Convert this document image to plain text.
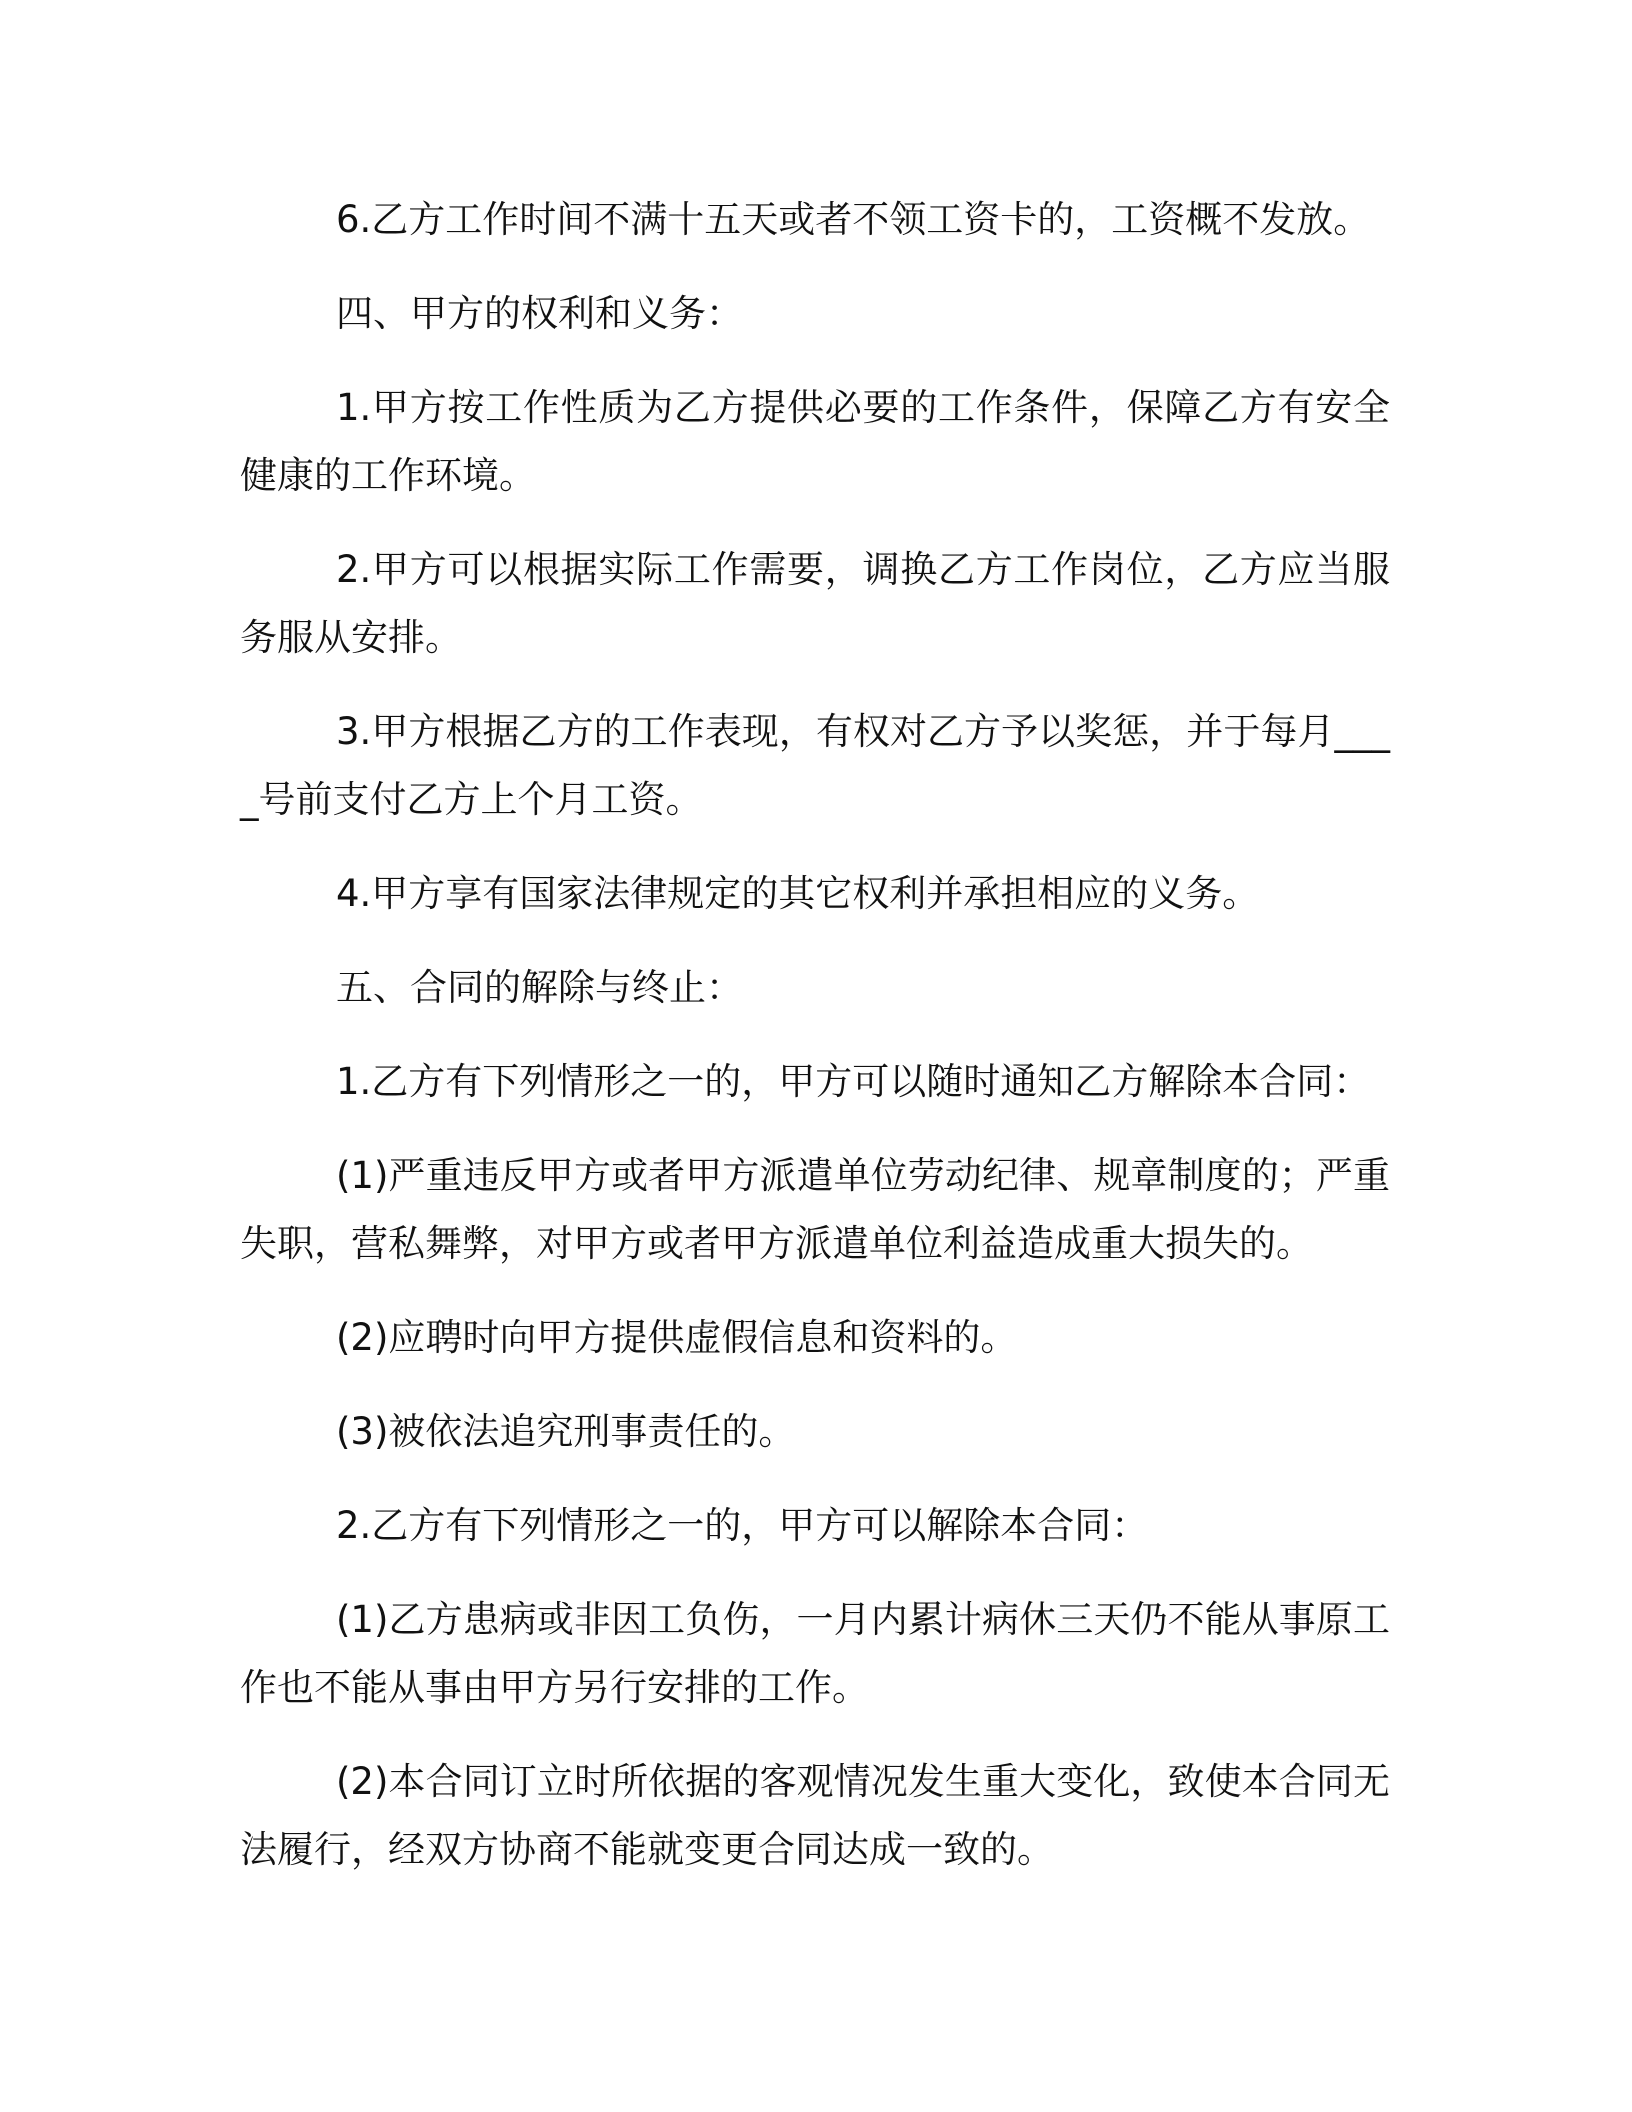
6.乙方工作时间不满十五天或者不领工资卡的，工资概不发放。

四、甲方的权利和义务：

1.甲方按工作性质为乙方提供必要的工作条件，保障乙方有安全健康的工作环境。

2.甲方可以根据实际工作需要，调换乙方工作岗位，乙方应当服务服从安排。

3.甲方根据乙方的工作表现，有权对乙方予以奖惩，并于每月____号前支付乙方上个月工资。

4.甲方享有国家法律规定的其它权利并承担相应的义务。

五、合同的解除与终止：

1.乙方有下列情形之一的，甲方可以随时通知乙方解除本合同：

(1)严重违反甲方或者甲方派遣单位劳动纪律、规章制度的；严重失职，营私舞弊，对甲方或者甲方派遣单位利益造成重大损失的。

(2)应聘时向甲方提供虚假信息和资料的。

(3)被依法追究刑事责任的。

2.乙方有下列情形之一的，甲方可以解除本合同：

(1)乙方患病或非因工负伤，一月内累计病休三天仍不能从事原工作也不能从事由甲方另行安排的工作。

(2)本合同订立时所依据的客观情况发生重大变化，致使本合同无法履行，经双方协商不能就变更合同达成一致的。
